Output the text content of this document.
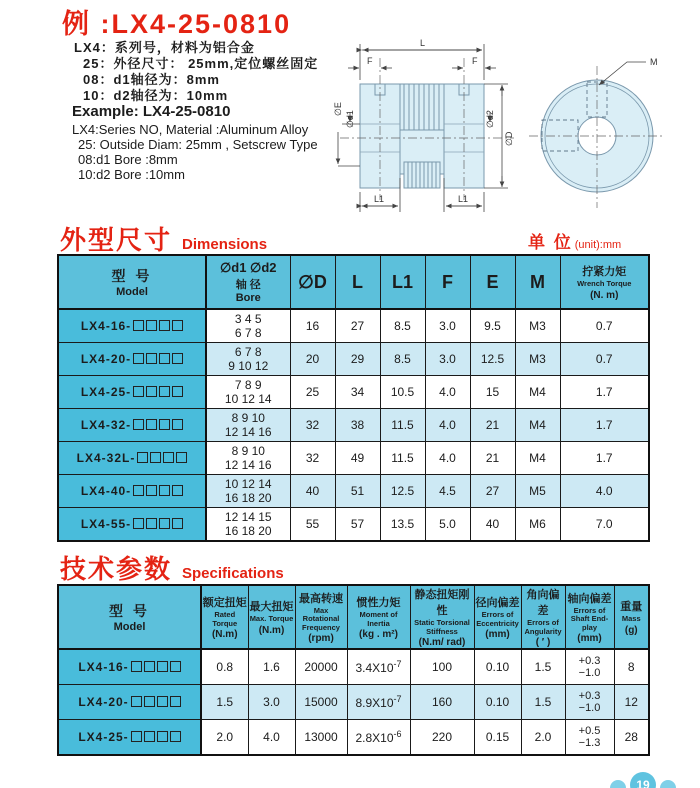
例 :LX4-25-0810
LX4：系列号，材料为铝合金
25：外径尺寸： 25mm,定位螺丝固定
08：d1轴径为：8mm
10：d2轴径为：10mm
Example: LX4-25-0810
LX4:Series NO, Material :Aluminum Alloy
25: Outside Diam: 25mm , Setscrew Type
08:d1 Bore :8mm
10:d2 Bore :10mm
L
F	F
∅d1
∅E
∅d2
∅D
L1	L1
M
外型尺寸 Dimensions	单 位 (unit):mm
型 号
Model

∅d1 ∅d2
轴 径
Bore
	∅D	L	L1	F	E	M	拧紧力矩
Wrench Torque
(N. m)

LX4-16-	3 4 5
6 7 8	16	27	8.5	3.0	9.5	M3	0.7
LX4-20-	6 7 8
9 10 12	20	29	8.5	3.0	12.5	M3	0.7
LX4-25-	7 8 9
10 12 14	25	34	10.5	4.0	15	M4	1.7
LX4-32-	8 9 10
12 14 16	32	38	11.5	4.0	21	M4	1.7
LX4-32L-	8 9 10
12 14 16	32	49	11.5	4.0	21	M4	1.7
LX4-40-	10 12 14
16 18 20	40	51	12.5	4.5	27	M5	4.0
LX4-55-	12 14 15
16 18 20	55	57	13.5	5.0	40	M6	7.0
技术参数 Specifications
型 号
Model

额定扭矩
Rated Torque
(N.m)

最大扭矩
Max. Torque
(N.m)

最高转速
Max Rotational Frequency
(rpm)

惯性力矩
Moment of Inertia
(kg . m²)

静态扭矩刚性
Static Torsional Stiffness
(N.m/ rad)

径向偏差
Errors of Eccentricity
(mm)

角向偏差
Errors of Angularity
( ′ )

轴向偏差
Errors of Shaft End-play
(mm)

重量
Mass
(g)

LX4-16-	0.8	1.6	20000	$3.4X10^{-7}$	100	0.10	1.5	+0.3
−1.0	8
LX4-20-	1.5	3.0	15000	$8.9X10^{-7}$	160	0.10	1.5	+0.3
−1.0	12
LX4-25-	2.0	4.0	13000	$2.8X10^{-6}$	220	0.15	2.0	+0.5
−1.3	28
19
